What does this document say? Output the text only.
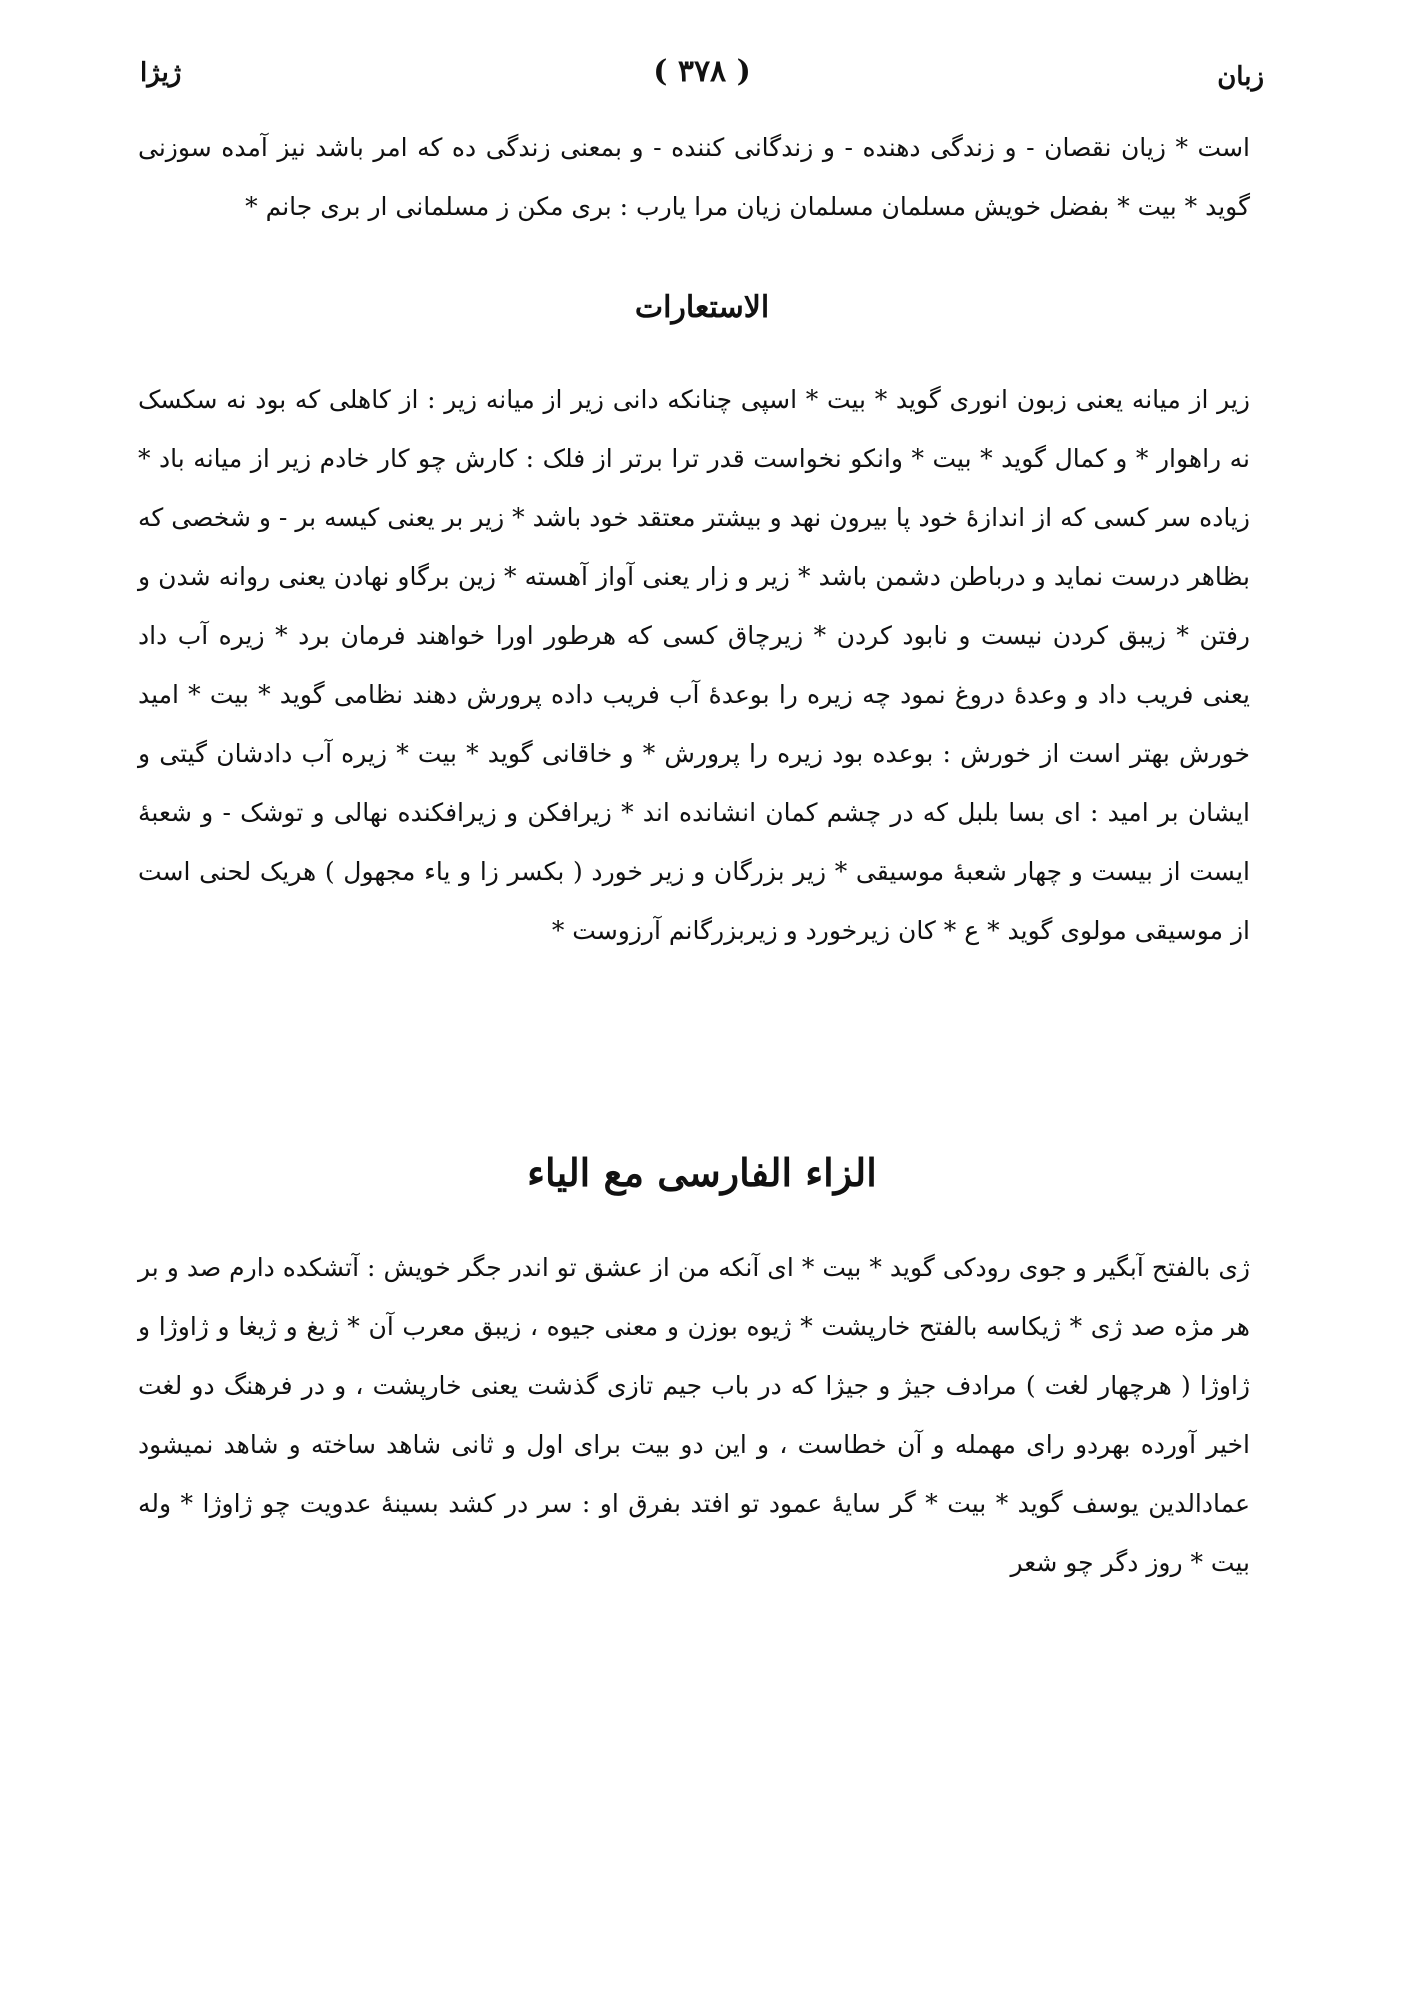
زبان
( ۳۷۸ )
ژیژا

است * زیان نقصان - و زندگی دهنده - و زندگانی کننده - و بمعنی زندگی ده که امر باشد نیز آمده سوزنی گوید * بیت * بفضل خویش مسلمان مسلمان زیان مرا یارب : بری مکن ز مسلمانی ار بری جانم *

الاستعارات

زیر از میانه یعنی زبون انوری گوید * بیت * اسپی چنانکه دانی زیر از میانه زیر : از کاهلی که بود نه سکسک نه راهوار * و کمال گوید * بیت * وانکو نخواست قدر ترا برتر از فلک : کارش چو کار خادم زیر از میانه باد * زیاده سر کسی که از اندازهٔ خود پا بیرون نهد و بیشتر معتقد خود باشد * زیر بر یعنی کیسه بر - و شخصی که بظاهر درست نماید و درباطن دشمن باشد * زیر و زار یعنی آواز آهسته * زین برگاو نهادن یعنی روانه شدن و رفتن * زیبق کردن نیست و نابود کردن * زیرچاق کسی که هرطور اورا خواهند فرمان برد * زیره آب داد یعنی فریب داد و وعدهٔ دروغ نمود چه زیره را بوعدهٔ آب فریب داده پرورش دهند نظامی گوید * بیت * امید خورش بهتر است از خورش : بوعده بود زیره را پرورش * و خاقانی گوید * بیت * زیره آب دادشان گیتی و ایشان بر امید : ای بسا بلبل که در چشم کمان انشانده اند * زیرافکن و زیرافکنده نهالی و توشک - و شعبهٔ ایست از بیست و چهار شعبهٔ موسیقی * زیر بزرگان و زیر خورد ( بکسر زا و یاء مجهول ) هریک لحنی است از موسیقی مولوی گوید * ع * کان زیرخورد و زیربزرگانم آرزوست *

الزاء الفارسی مع الیاء

ژی بالفتح آبگیر و جوی رودکی گوید * بیت * ای آنکه من از عشق تو اندر جگر خویش : آتشکده دارم صد و بر هر مژه صد ژی * ژیکاسه بالفتح خارپشت * ژیوه بوزن و معنی جیوه ، زیبق معرب آن * ژیغ و ژیغا و ژاوژا و ژاوژا ( هرچهار لغت ) مرادف جیژ و جیژا که در باب جیم تازی گذشت یعنی خارپشت ، و در فرهنگ دو لغت اخیر آورده بهردو رای مهمله و آن خطاست ، و این دو بیت برای اول و ثانی شاهد ساخته و شاهد نمیشود عمادالدین یوسف گوید * بیت * گر سایهٔ عمود تو افتد بفرق او : سر در کشد بسینهٔ عدویت چو ژاوژا * وله بیت * روز دگر چو شعر
